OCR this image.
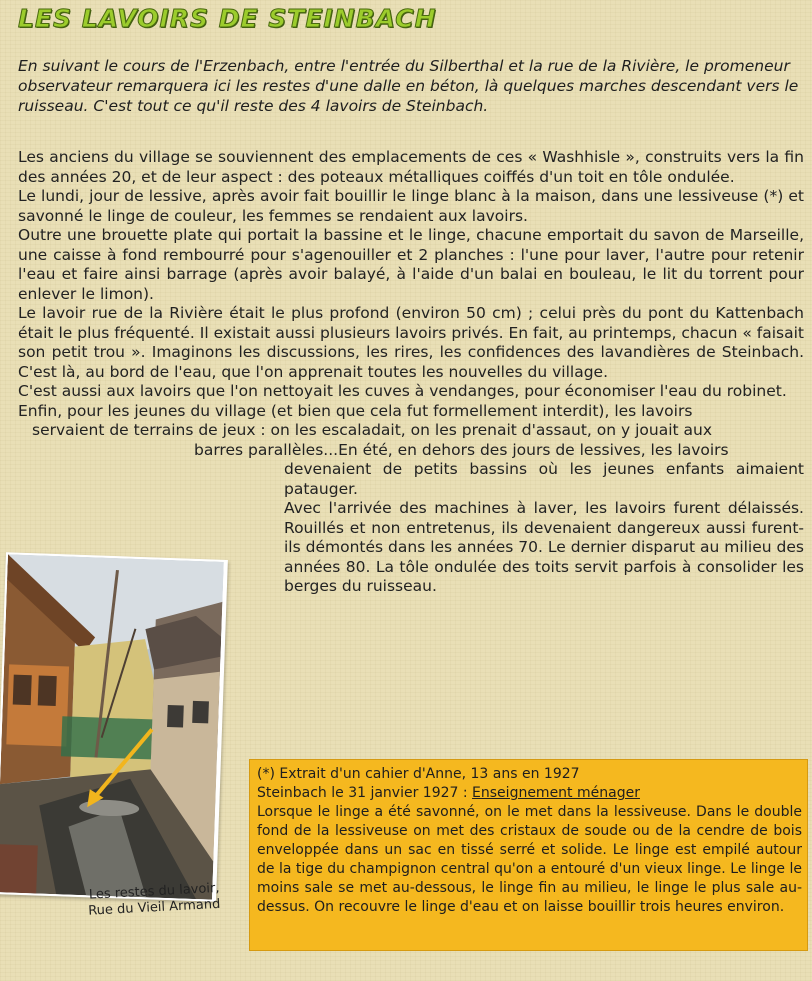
LES LAVOIRS DE STEINBACH
En suivant le cours de l'Erzenbach, entre l'entrée du Silberthal et la rue de la Rivière, le promeneur observateur remarquera ici les restes d'une dalle en béton, là quelques marches descendant vers le ruisseau. C'est tout ce qu'il reste des 4 lavoirs de Steinbach.

Les anciens du village se souviennent des emplacements de ces « Washhisle », construits vers la fin des années 20, et de leur aspect : des poteaux métalliques coiffés d'un toit en tôle ondulée.

Le lundi, jour de lessive, après avoir fait bouillir le linge blanc à la maison, dans une lessiveuse (*) et savonné le linge de couleur, les femmes se rendaient aux lavoirs.

Outre une brouette plate qui portait la bassine et le linge, chacune emportait du savon de Marseille, une caisse à fond rembourré pour s'agenouiller et 2 planches : l'une pour laver, l'autre pour retenir l'eau et faire ainsi barrage (après avoir balayé, à l'aide d'un balai en bouleau, le lit du torrent pour enlever le limon).

Le lavoir rue de la Rivière était le plus profond (environ 50 cm) ; celui près du pont du Kattenbach était le plus fréquenté. Il existait aussi plusieurs lavoirs privés. En fait, au printemps, chacun « faisait son petit trou ». Imaginons les discussions, les rires, les confidences des lavandières de Steinbach. C'est là, au bord de l'eau, que l'on apprenait toutes les nouvelles du village.

C'est aussi aux lavoirs que l'on nettoyait les cuves à vendanges, pour économiser l'eau du robinet.

Enfin, pour les jeunes du village (et bien que cela fut formellement interdit), les lavoirs

servaient de terrains de jeux : on les escaladait, on les prenait d'assaut, on y jouait aux

barres parallèles...En été, en dehors des jours de lessives, les lavoirs

devenaient de petits bassins où les jeunes enfants aimaient patauger.

Avec l'arrivée des machines à laver, les lavoirs furent délaissés. Rouillés et non entretenus, ils devenaient dangereux aussi furent-ils démontés dans les années 70. Le dernier disparut au milieu des années 80. La tôle ondulée des toits servit parfois à consolider les berges du ruisseau.

Les restes du lavoir,
Rue du Vieil Armand
(*) Extrait d'un cahier d'Anne, 13 ans en 1927
Steinbach le 31 janvier 1927 : Enseignement ménager
Lorsque le linge a été savonné, on le met dans la lessiveuse. Dans le double fond de la lessiveuse on met des cristaux de soude ou de la cendre de bois enveloppée dans un sac en tissé serré et solide. Le linge est empilé autour de la tige du champignon central qu'on a entouré d'un vieux linge. Le linge le moins sale se met au-dessous, le linge fin au milieu, le linge le plus sale au-dessus. On recouvre le linge d'eau et on laisse bouillir trois heures environ.
